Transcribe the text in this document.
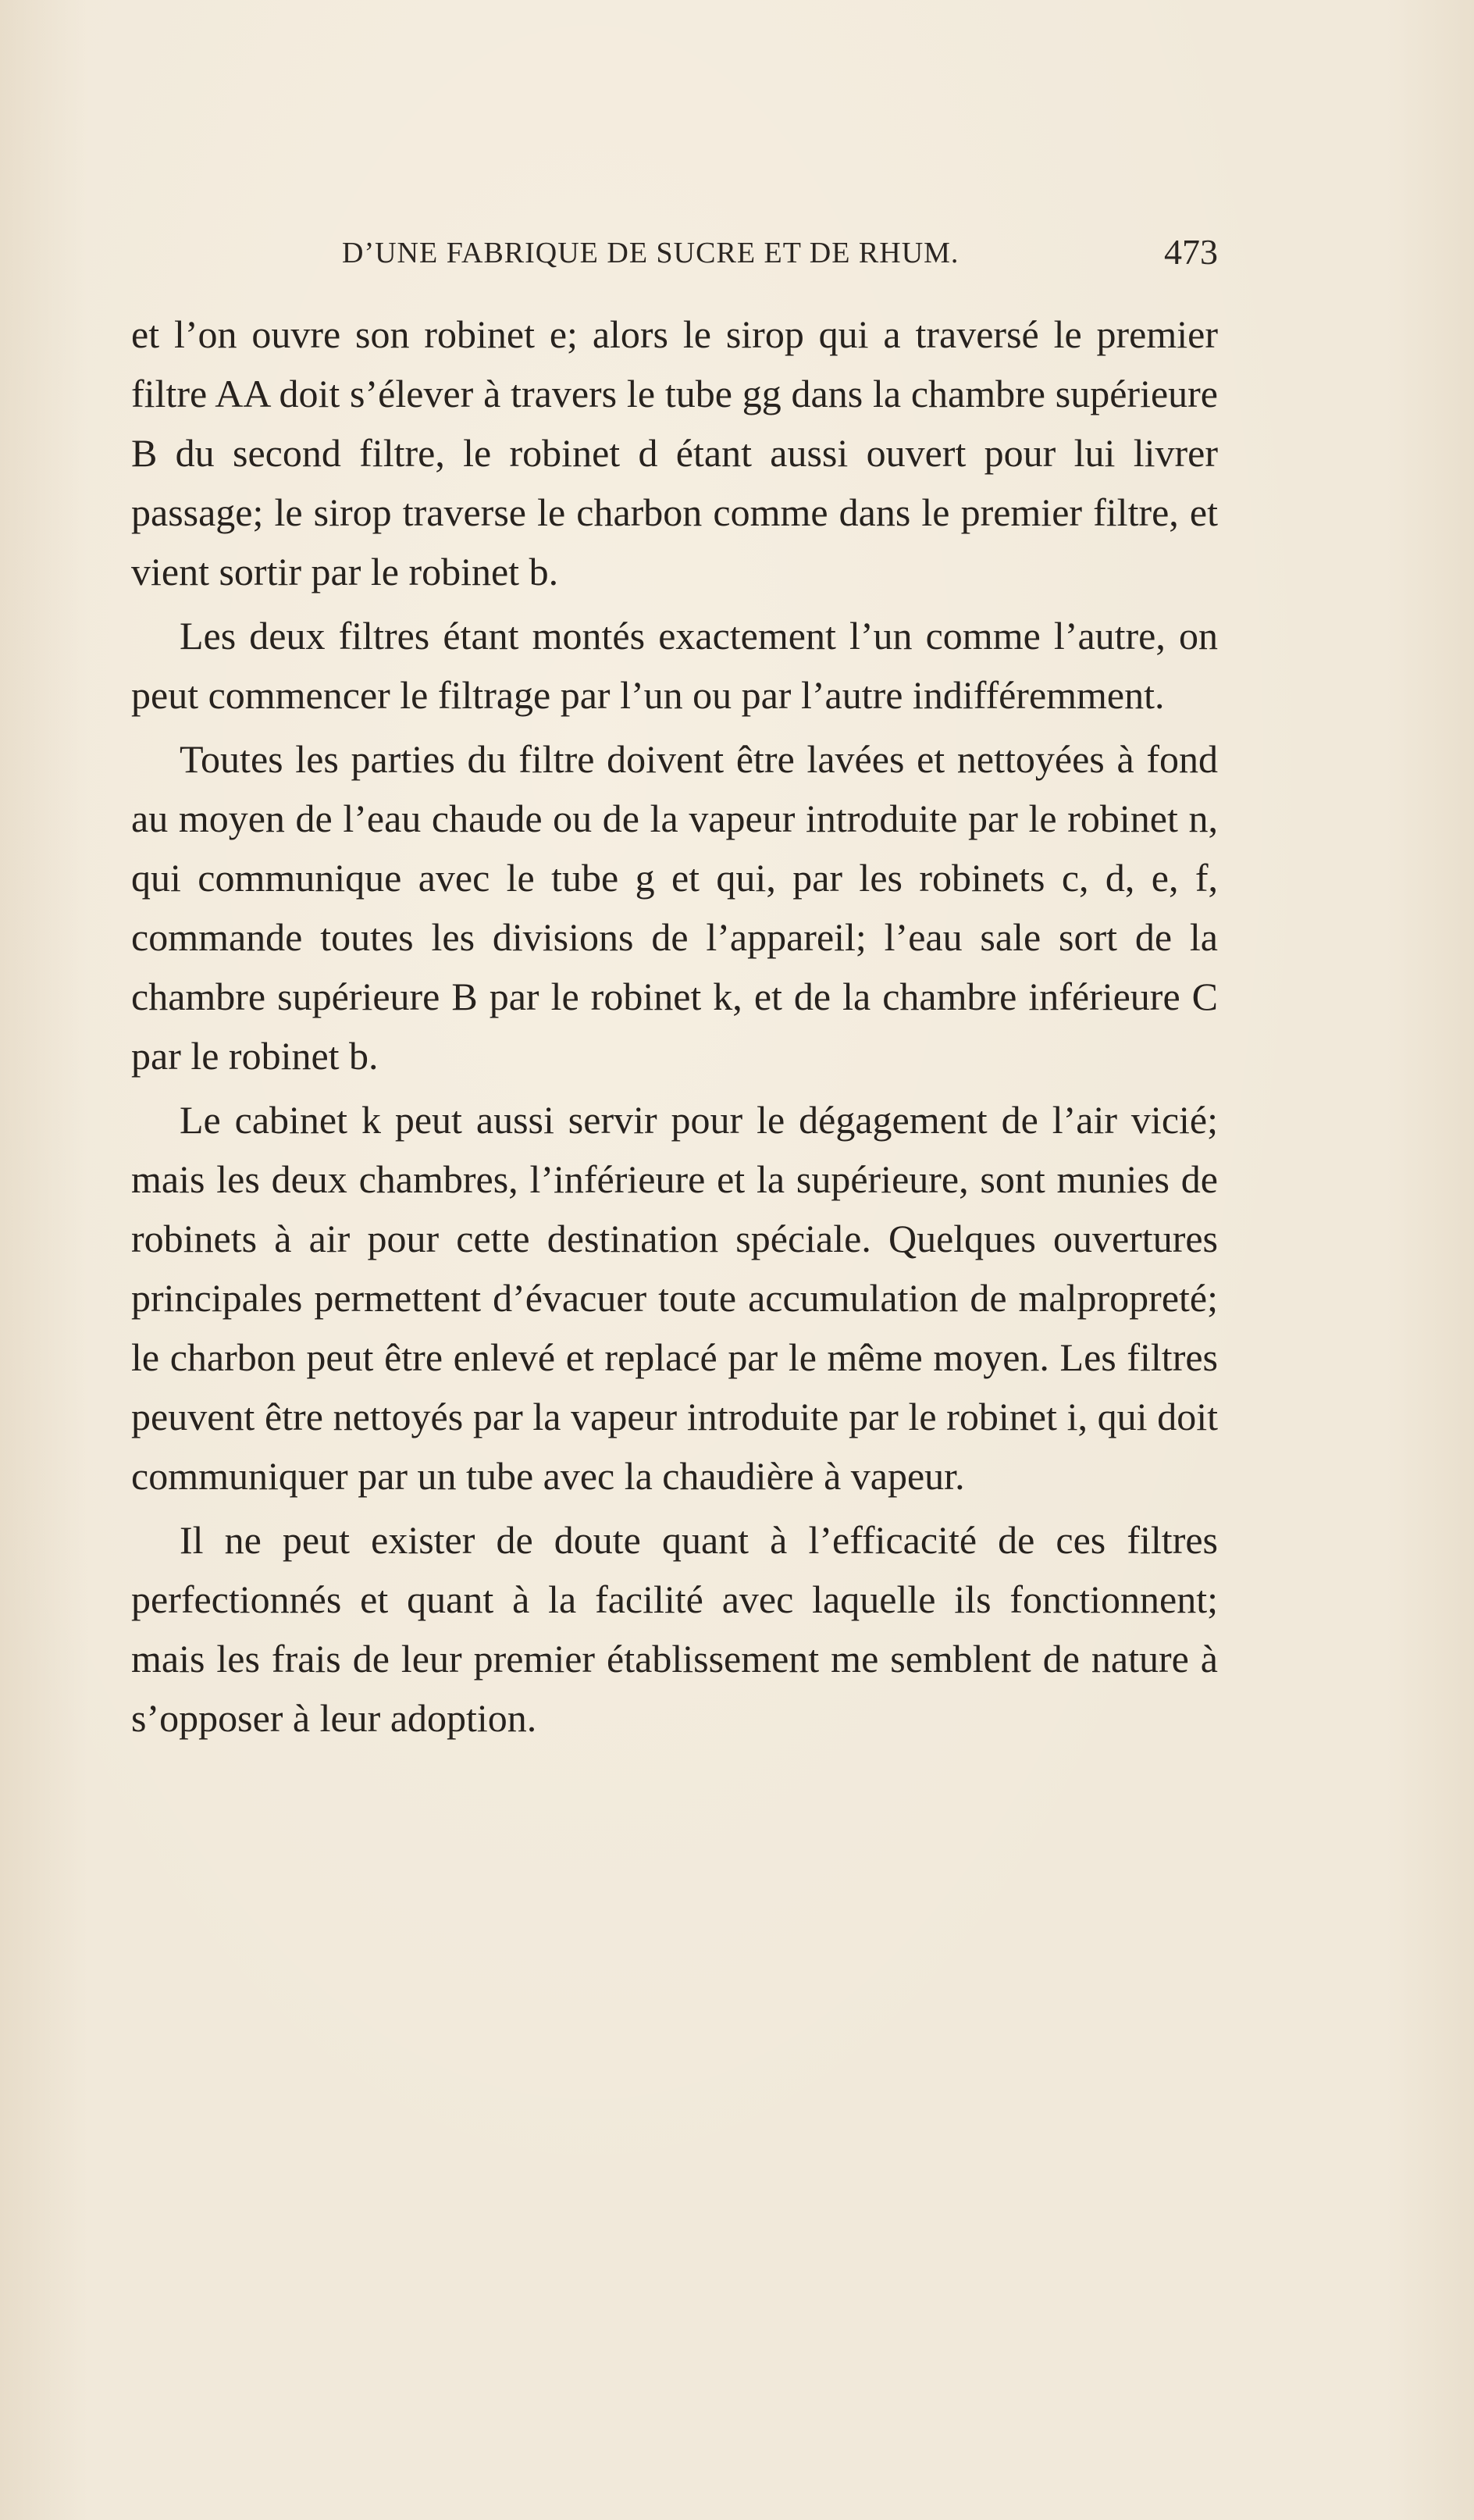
D’UNE FABRIQUE DE SUCRE ET DE RHUM.	473

et l’on ouvre son robinet e; alors le sirop qui a traversé le premier filtre AA doit s’élever à travers le tube gg dans la chambre supérieure B du second filtre, le robinet d étant aussi ouvert pour lui livrer passage; le sirop traverse le charbon comme dans le premier filtre, et vient sortir par le robinet b.

Les deux filtres étant montés exactement l’un comme l’autre, on peut commencer le filtrage par l’un ou par l’autre indifféremment.

Toutes les parties du filtre doivent être lavées et nettoyées à fond au moyen de l’eau chaude ou de la vapeur introduite par le robinet n, qui communique avec le tube g et qui, par les robinets c, d, e, f, commande toutes les divisions de l’appareil; l’eau sale sort de la chambre supérieure B par le robinet k, et de la chambre inférieure C par le robinet b.

Le cabinet k peut aussi servir pour le dégagement de l’air vicié; mais les deux chambres, l’inférieure et la supérieure, sont munies de robinets à air pour cette destination spéciale. Quelques ouvertures principales permettent d’évacuer toute accumulation de malpropreté; le charbon peut être enlevé et replacé par le même moyen. Les filtres peuvent être nettoyés par la vapeur introduite par le robinet i, qui doit communiquer par un tube avec la chaudière à vapeur.

Il ne peut exister de doute quant à l’efficacité de ces filtres perfectionnés et quant à la facilité avec laquelle ils fonctionnent; mais les frais de leur premier établissement me semblent de nature à s’opposer à leur adoption.
